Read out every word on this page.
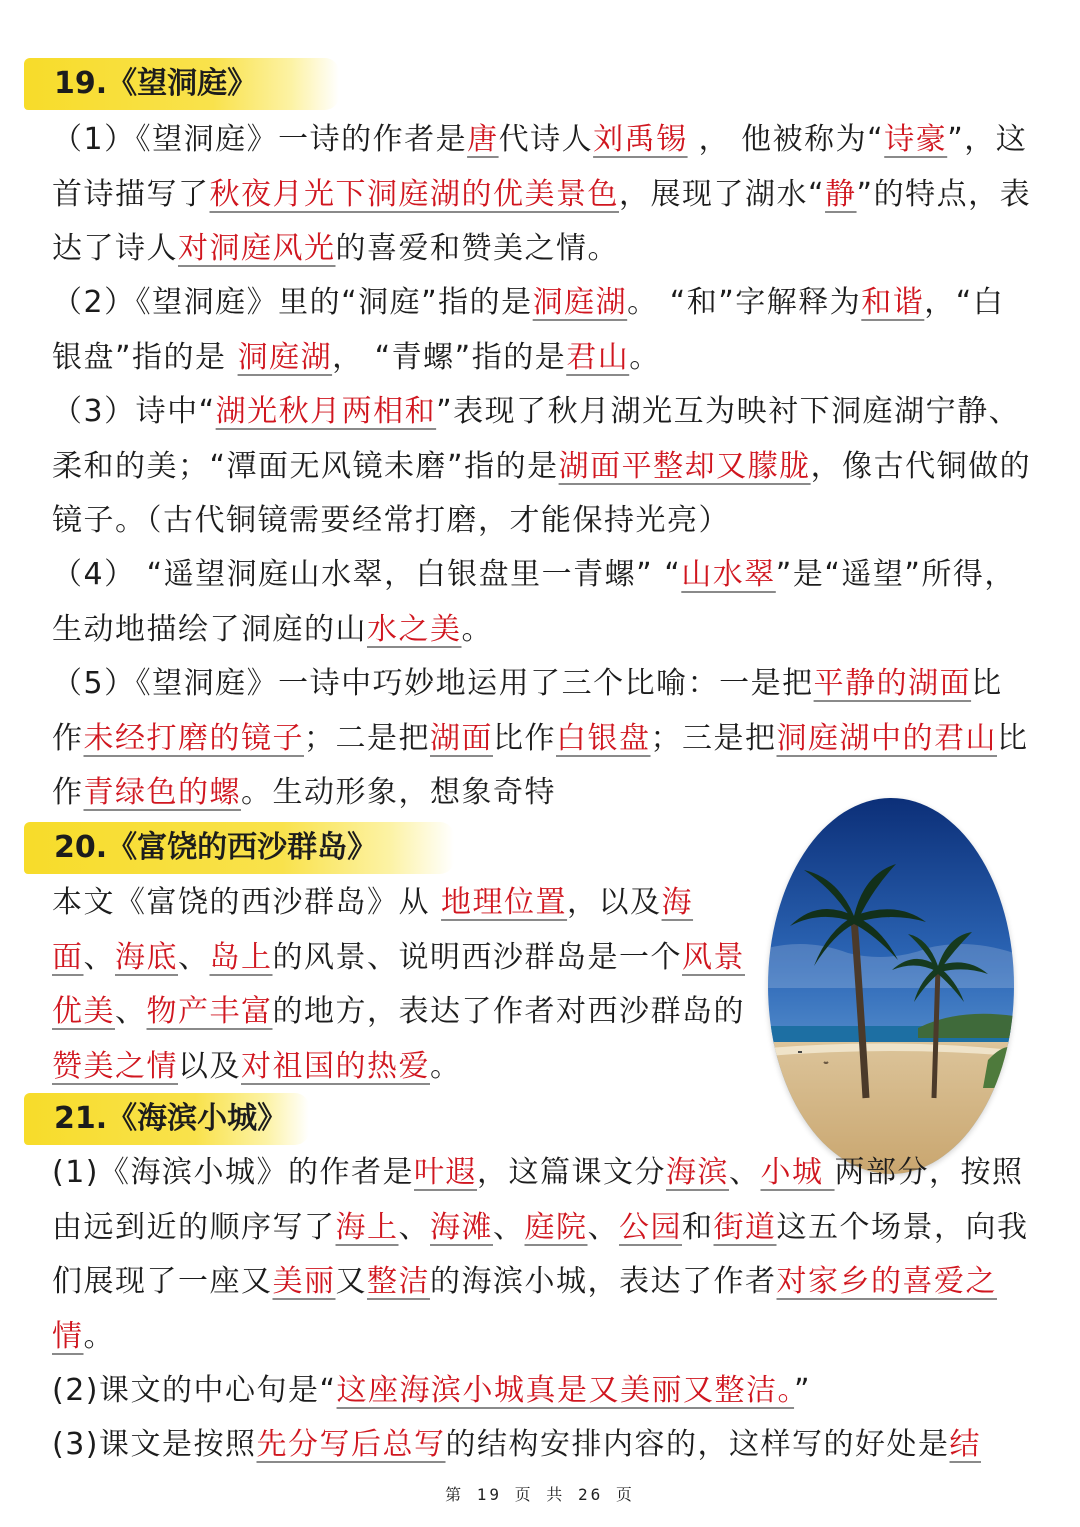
19.《望洞庭》
（1）《望洞庭》一诗的作者是唐代诗人刘禹锡 ， 他被称为“诗豪”，这首诗描写了秋夜月光下洞庭湖的优美景色，展现了湖水“静”的特点，表达了诗人对洞庭风光的喜爱和赞美之情。
（2）《望洞庭》里的“洞庭”指的是洞庭湖。 “和”字解释为和谐，“白银盘”指的是 洞庭湖， “青螺”指的是君山。
（3）诗中“湖光秋月两相和”表现了秋月湖光互为映衬下洞庭湖宁静、柔和的美；“潭面无风镜未磨”指的是湖面平整却又朦胧，像古代铜做的镜子。（古代铜镜需要经常打磨，才能保持光亮）
（4） “遥望洞庭山水翠，白银盘里一青螺” “山水翠”是“遥望”所得，生动地描绘了洞庭的山水之美。
（5）《望洞庭》一诗中巧妙地运用了三个比喻：一是把平静的湖面比作未经打磨的镜子；二是把湖面比作白银盘；三是把洞庭湖中的君山比作青绿色的螺。生动形象，想象奇特
20.《富饶的西沙群岛》
本文《富饶的西沙群岛》从 地理位置，以及海面、海底、岛上的风景、说明西沙群岛是一个风景优美、物产丰富的地方，表达了作者对西沙群岛的赞美之情以及对祖国的热爱。
21.《海滨小城》
(1)《海滨小城》的作者是叶遐，这篇课文分海滨、小城 两部分，按照由远到近的顺序写了海上、海滩、庭院、公园和街道这五个场景，向我们展现了一座又美丽又整洁的海滨小城，表达了作者对家乡的喜爱之情。
(2)课文的中心句是“这座海滨小城真是又美丽又整洁。”
(3)课文是按照先分写后总写的结构安排内容的，这样写的好处是结
第 19 页 共 26 页
